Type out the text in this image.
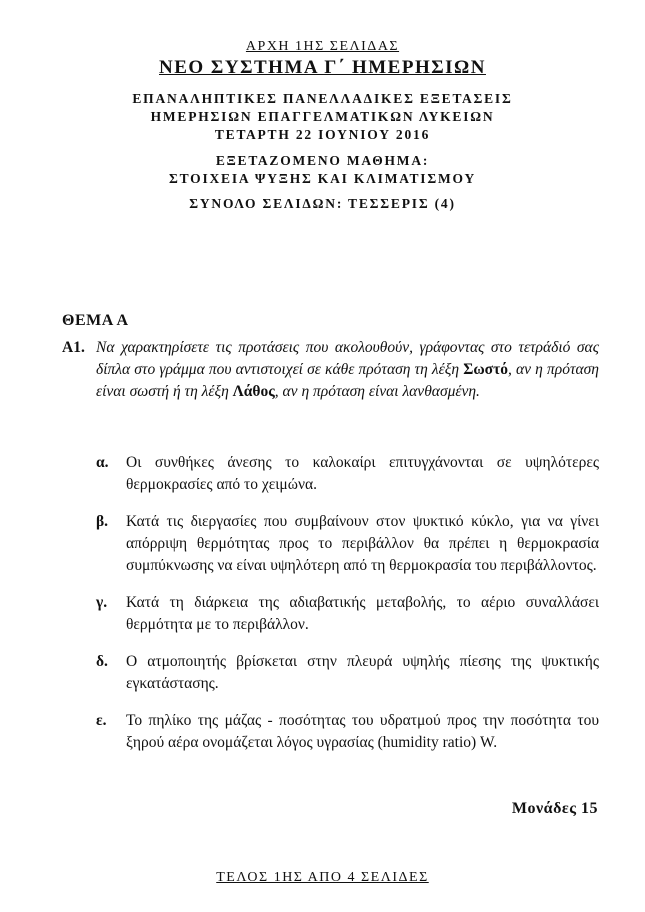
ΑΡΧΗ 1ΗΣ ΣΕΛΙΔΑΣ
ΝΕΟ ΣΥΣΤΗΜΑ Γ΄ ΗΜΕΡΗΣΙΩΝ
ΕΠΑΝΑΛΗΠΤΙΚΕΣ ΠΑΝΕΛΛΑΔΙΚΕΣ ΕΞΕΤΑΣΕΙΣ
ΗΜΕΡΗΣΙΩΝ ΕΠΑΓΓΕΛΜΑΤΙΚΩΝ ΛΥΚΕΙΩΝ
ΤΕΤΑΡΤΗ 22 ΙΟΥΝΙΟΥ 2016
ΕΞΕΤΑΖΟΜΕΝΟ ΜΑΘΗΜΑ:
ΣΤΟΙΧΕΙΑ ΨΥΞΗΣ ΚΑΙ ΚΛΙΜΑΤΙΣΜΟΥ
ΣΥΝΟΛΟ ΣΕΛΙΔΩΝ: ΤΕΣΣΕΡΙΣ (4)
ΘΕΜΑ Α
Α1. Να χαρακτηρίσετε τις προτάσεις που ακολουθούν, γράφοντας στο τετράδιό σας δίπλα στο γράμμα που αντιστοιχεί σε κάθε πρόταση τη λέξη Σωστό, αν η πρόταση είναι σωστή ή τη λέξη Λάθος, αν η πρόταση είναι λανθασμένη.
α. Οι συνθήκες άνεσης το καλοκαίρι επιτυγχάνονται σε υψηλότερες θερμοκρασίες από το χειμώνα.
β. Κατά τις διεργασίες που συμβαίνουν στον ψυκτικό κύκλο, για να γίνει απόρριψη θερμότητας προς το περιβάλλον θα πρέπει η θερμοκρασία συμπύκνωσης να είναι υψηλότερη από τη θερμοκρασία του περιβάλλοντος.
γ. Κατά τη διάρκεια της αδιαβατικής μεταβολής, το αέριο συναλλάσει θερμότητα με το περιβάλλον.
δ. Ο ατμοποιητής βρίσκεται στην πλευρά υψηλής πίεσης της ψυκτικής εγκατάστασης.
ε. Το πηλίκο της μάζας - ποσότητας του υδρατμού προς την ποσότητα του ξηρού αέρα ονομάζεται λόγος υγρασίας (humidity ratio) W.
Μονάδες 15
ΤΕΛΟΣ 1ΗΣ ΑΠΟ 4 ΣΕΛΙΔΕΣ
